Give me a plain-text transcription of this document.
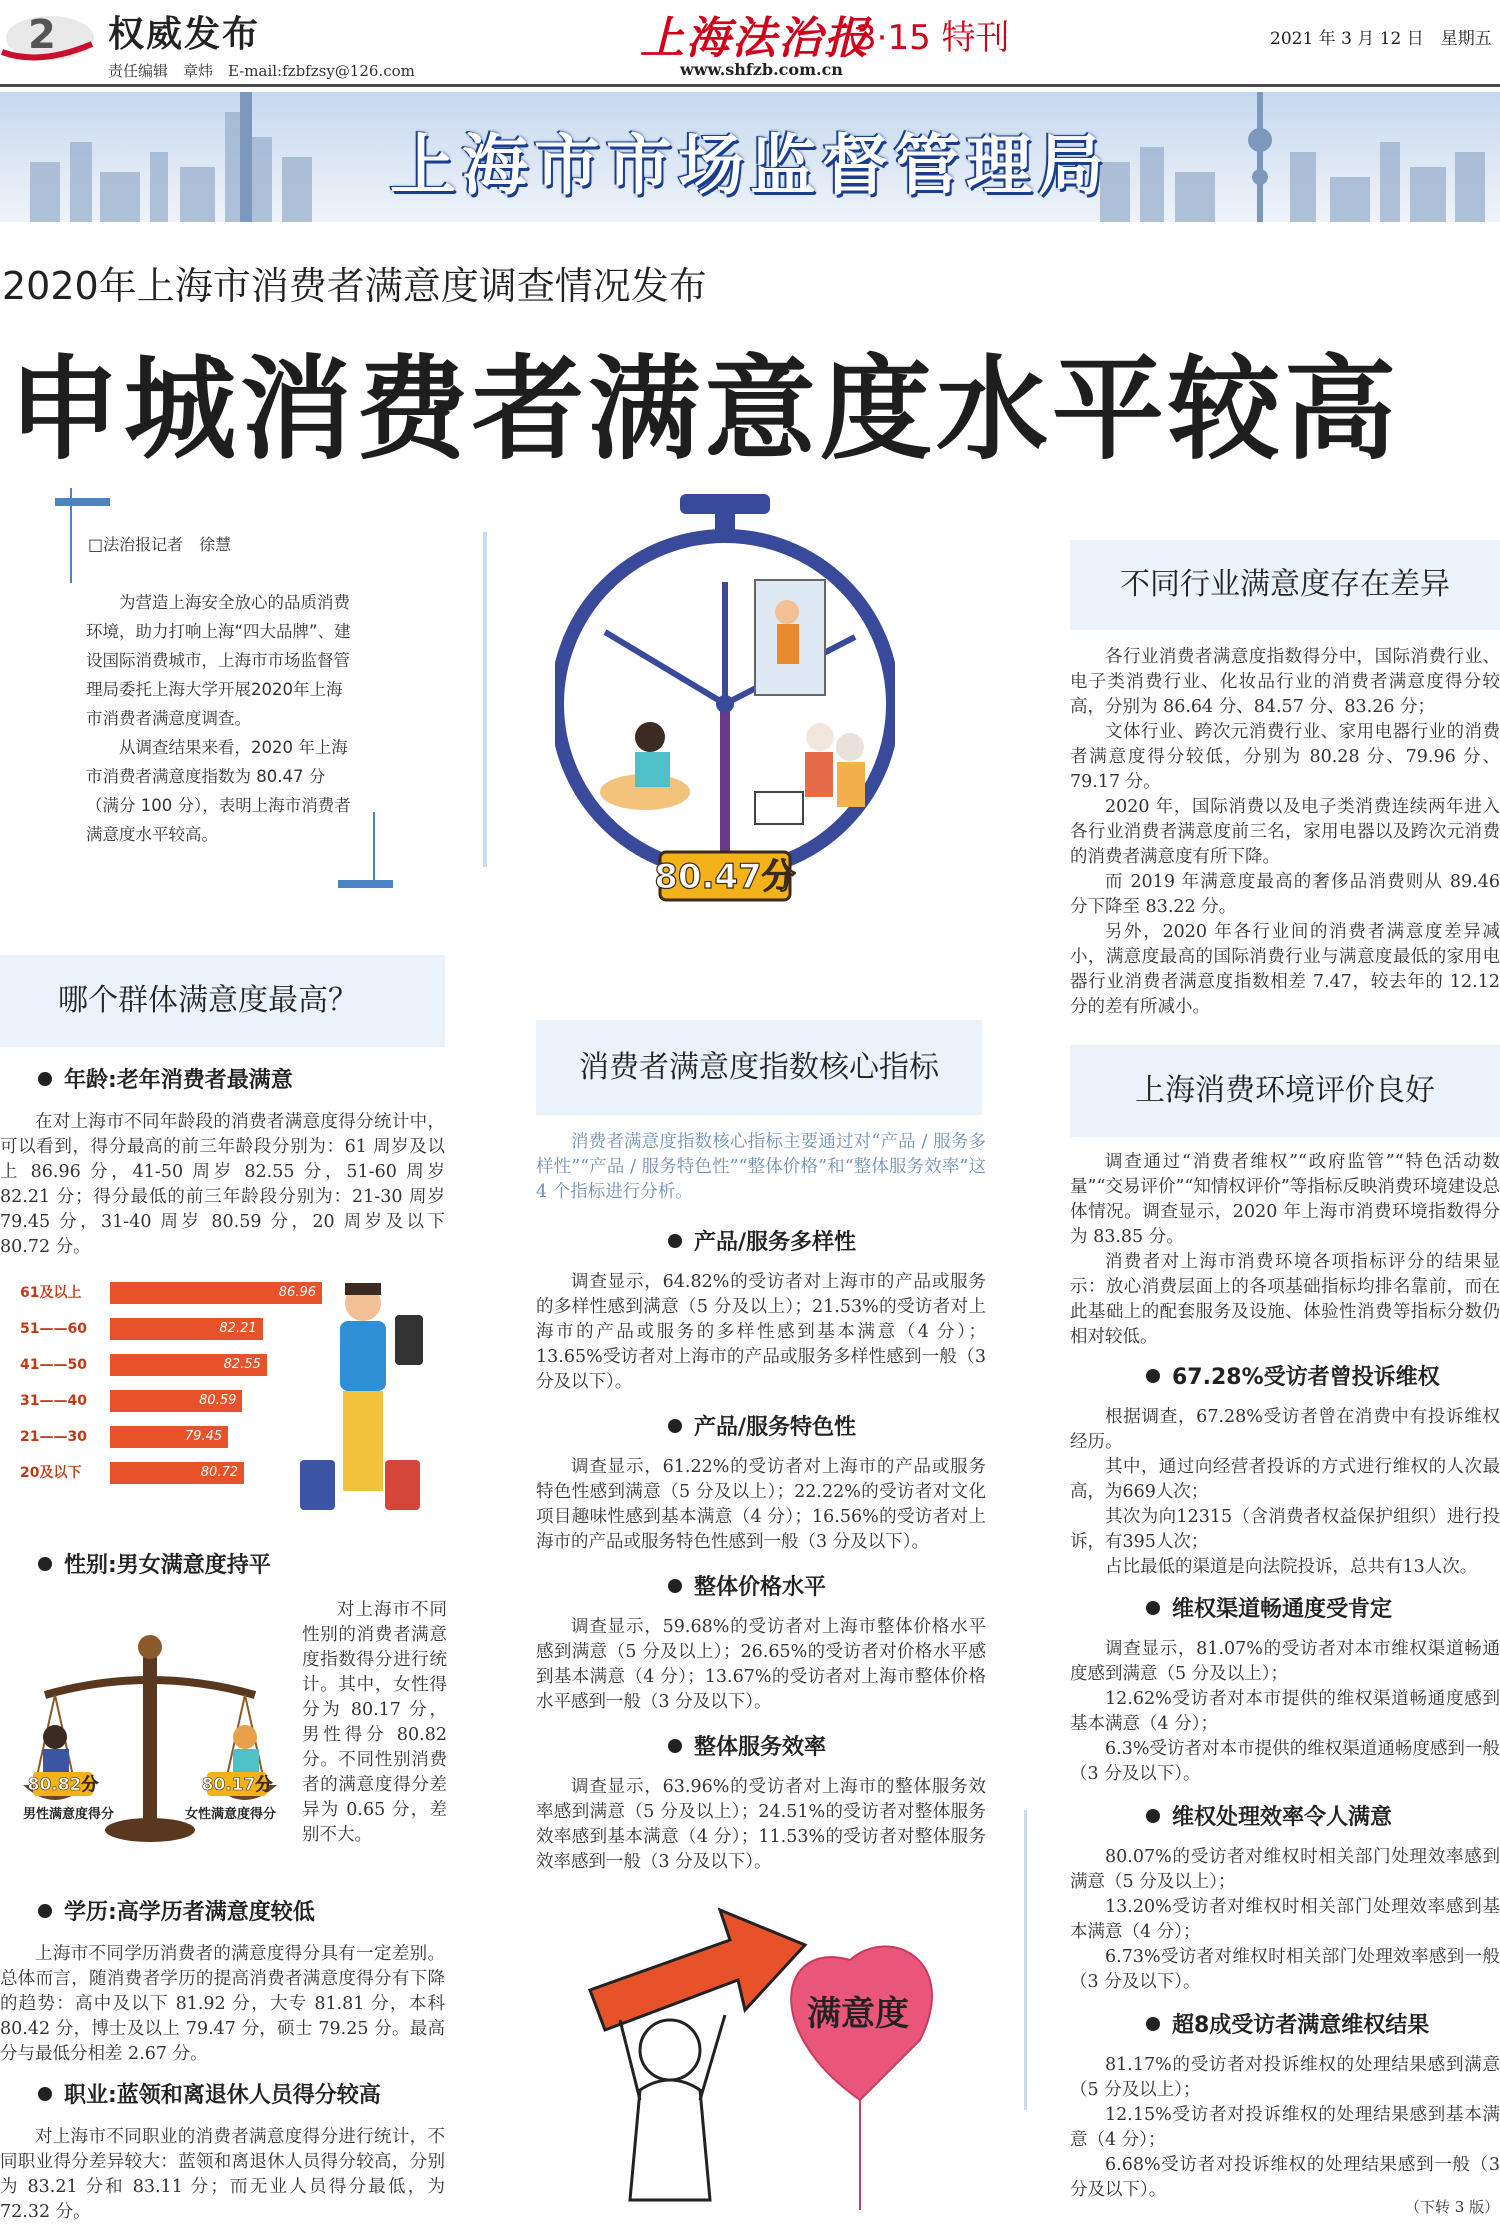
2 权威发布
责任编辑　章炜　E-mail:fzbfzsy@126.com
上海法治报
3·15 特刊
www.shfzb.com.cn
2021 年 3 月 12 日　星期五
上海市市场监督管理局
2020年上海市消费者满意度调查情况发布
申城消费者满意度水平较高
□法治报记者　徐慧

为营造上海安全放心的品质消费环境，助力打响上海“四大品牌”、建设国际消费城市，上海市市场监督管理局委托上海大学开展2020年上海市消费者满意度调查。

从调查结果来看，2020 年上海市消费者满意度指数为 80.47 分（满分 100 分），表明上海市消费者满意度水平较高。

80.47分
哪个群体满意度最高？
年龄:老年消费者最满意

在对上海市不同年龄段的消费者满意度得分统计中，可以看到，得分最高的前三年龄段分别为：61 周岁及以上 86.96 分，41-50 周岁 82.55 分，51-60 周岁 82.21 分；得分最低的前三年龄段分别为：21-30 周岁 79.45 分，31-40 周岁 80.59 分，20 周岁及以下 80.72 分。

61及以上	86.96
51——60	82.21
41——50	82.55
31——40	80.59
21——30	79.45
20及以下	80.72
性别:男女满意度持平
80.82分	80.17分
男性满意度得分	女性满意度得分

对上海市不同性别的消费者满意度指数得分进行统计。其中，女性得分为 80.17 分，男性得分 80.82 分。不同性别消费者的满意度得分差异为 0.65 分，差别不大。

学历:高学历者满意度较低

上海市不同学历消费者的满意度得分具有一定差别。总体而言，随消费者学历的提高消费者满意度得分有下降的趋势：高中及以下 81.92 分，大专 81.81 分，本科 80.42 分，博士及以上 79.47 分，硕士 79.25 分。最高分与最低分相差 2.67 分。

职业:蓝领和离退休人员得分较高

对上海市不同职业的消费者满意度得分进行统计，不同职业得分差异较大：蓝领和离退休人员得分较高，分别为 83.21 分和 83.11 分；而无业人员得分最低，为 72.32 分。

消费者满意度指数核心指标

消费者满意度指数核心指标主要通过对“产品 / 服务多样性”“产品 / 服务特色性”“整体价格”和“整体服务效率”这 4 个指标进行分析。

产品/服务多样性

调查显示，64.82%的受访者对上海市的产品或服务的多样性感到满意（5 分及以上）；21.53%的受访者对上海市的产品或服务的多样性感到基本满意（4 分）；13.65%受访者对上海市的产品或服务多样性感到一般（3 分及以下）。

产品/服务特色性

调查显示，61.22%的受访者对上海市的产品或服务特色性感到满意（5 分及以上）；22.22%的受访者对文化项目趣味性感到基本满意（4 分）；16.56%的受访者对上海市的产品或服务特色性感到一般（3 分及以下）。

整体价格水平

调查显示，59.68%的受访者对上海市整体价格水平感到满意（5 分及以上）；26.65%的受访者对价格水平感到基本满意（4 分）；13.67%的受访者对上海市整体价格水平感到一般（3 分及以下）。

整体服务效率

调查显示，63.96%的受访者对上海市的整体服务效率感到满意（5 分及以上）；24.51%的受访者对整体服务效率感到基本满意（4 分）；11.53%的受访者对整体服务效率感到一般（3 分及以下）。

满意度
不同行业满意度存在差异

各行业消费者满意度指数得分中，国际消费行业、电子类消费行业、化妆品行业的消费者满意度得分较高，分别为 86.64 分、84.57 分、83.26 分；

文体行业、跨次元消费行业、家用电器行业的消费者满意度得分较低，分别为 80.28 分、79.96 分、79.17 分。

2020 年，国际消费以及电子类消费连续两年进入各行业消费者满意度前三名，家用电器以及跨次元消费的消费者满意度有所下降。

而 2019 年满意度最高的奢侈品消费则从 89.46 分下降至 83.22 分。

另外，2020 年各行业间的消费者满意度差异减小，满意度最高的国际消费行业与满意度最低的家用电器行业消费者满意度指数相差 7.47，较去年的 12.12 分的差有所减小。

上海消费环境评价良好

调查通过“消费者维权”“政府监管”“特色活动数量”“交易评价”“知情权评价”等指标反映消费环境建设总体情况。调查显示，2020 年上海市消费环境指数得分为 83.85 分。

消费者对上海市消费环境各项指标评分的结果显示：放心消费层面上的各项基础指标均排名靠前，而在此基础上的配套服务及设施、体验性消费等指标分数仍相对较低。

67.28%受访者曾投诉维权

根据调查，67.28%受访者曾在消费中有投诉维权经历。

其中，通过向经营者投诉的方式进行维权的人次最高，为669人次；

其次为向12315（含消费者权益保护组织）进行投诉，有395人次；

占比最低的渠道是向法院投诉，总共有13人次。

维权渠道畅通度受肯定

调查显示，81.07%的受访者对本市维权渠道畅通度感到满意（5 分及以上）；

12.62%受访者对本市提供的维权渠道畅通度感到基本满意（4 分）；

6.3%受访者对本市提供的维权渠道通畅度感到一般（3 分及以下）。

维权处理效率令人满意

80.07%的受访者对维权时相关部门处理效率感到满意（5 分及以上）；

13.20%受访者对维权时相关部门处理效率感到基本满意（4 分）；

6.73%受访者对维权时相关部门处理效率感到一般（3 分及以下）。

超8成受访者满意维权结果

81.17%的受访者对投诉维权的处理结果感到满意（5 分及以上）；

12.15%受访者对投诉维权的处理结果感到基本满意（4 分）；

6.68%受访者对投诉维权的处理结果感到一般（3 分及以下）。

（下转 3 版）
